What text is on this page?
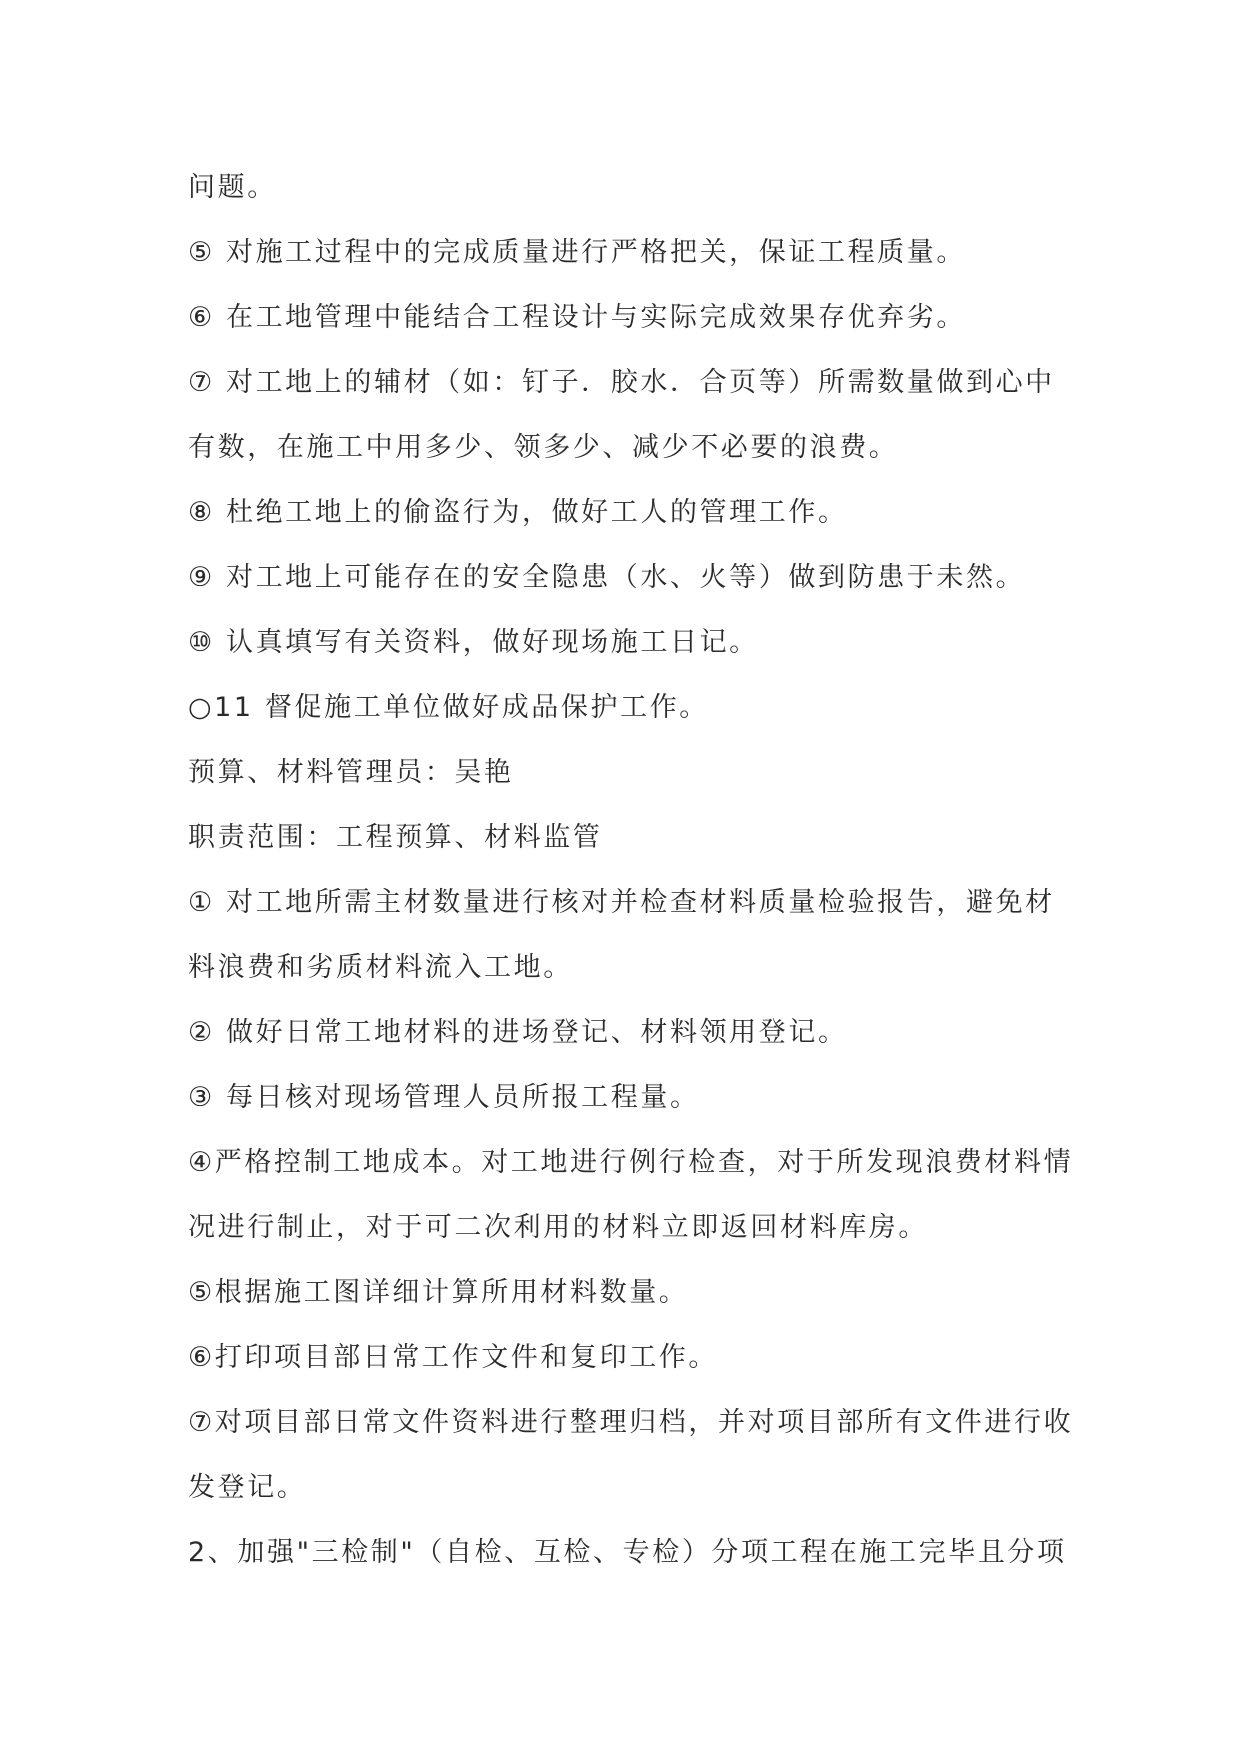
问题。

⑤ 对施工过程中的完成质量进行严格把关，保证工程质量。

⑥ 在工地管理中能结合工程设计与实际完成效果存优弃劣。

⑦ 对工地上的辅材（如：钉子．胶水．合页等）所需数量做到心中

有数，在施工中用多少、领多少、减少不必要的浪费。

⑧ 杜绝工地上的偷盗行为，做好工人的管理工作。

⑨ 对工地上可能存在的安全隐患（水、火等）做到防患于未然。

⑩ 认真填写有关资料，做好现场施工日记。

○11 督促施工单位做好成品保护工作。

预算、材料管理员：吴艳

职责范围：工程预算、材料监管

① 对工地所需主材数量进行核对并检查材料质量检验报告，避免材

料浪费和劣质材料流入工地。

② 做好日常工地材料的进场登记、材料领用登记。

③ 每日核对现场管理人员所报工程量。

④严格控制工地成本。对工地进行例行检查，对于所发现浪费材料情

况进行制止，对于可二次利用的材料立即返回材料库房。

⑤根据施工图详细计算所用材料数量。

⑥打印项目部日常工作文件和复印工作。

⑦对项目部日常文件资料进行整理归档，并对项目部所有文件进行收

发登记。

2、加强"三检制"（自检、互检、专检）分项工程在施工完毕且分项
